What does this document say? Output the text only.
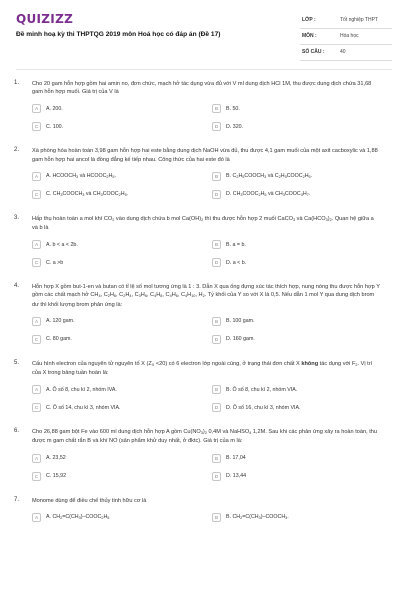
QUIZIZZ
Đề minh hoạ kỳ thi THPTQG 2019 môn Hoá học có đáp án (Đề 17)
LỚP :	Tốt nghiệp THPT
MÔN :	Hóa học
SỐ CÂU :	40
1. Cho 20 gam hỗn hợp gồm hai amin no, đơn chức, mạch hở tác dụng vừa đủ với V ml dung dịch HCl 1M, thu được dung dịch chứa 31,68 gam hỗn hợp muối. Giá trị của V là
A	A. 200.	B	B. 50.
C	C. 100.	D	D. 320.
2. Xà phòng hóa hoàn toàn 3,98 gam hỗn hợp hai este bằng dung dịch NaOH vừa đủ, thu được 4,1 gam muối của một axit cacboxylic và 1,88 gam hỗn hợp hai ancol là đồng đẳng kế tiếp nhau. Công thức của hai este đó là
A	A. $HCOOCH_3$ và $HCOOC_2H_5$.	B	B. $C_2H_5COOCH_3$ và $C_2H_5COOC_2H_5$.
C	C. $CH_3COOCH_3$ và $CH_3COOC_2H_5$.	D	D. $CH_3COOC_2H_5$ và $CH_3COOC_3H_7$.
3. Hấp thụ hoàn toàn a mol khí $CO_2$ vào dung dịch chứa b mol $Ca(OH)_2$ thì thu được hỗn hợp 2 muối CaCO$_3$ và $Ca(HCO_3)_2$. Quan hệ giữa a và b là
A	A. b < a < 2b.	B	B. a = b.
C	C. a >b	D	D. a < b.
4. Hỗn hợp X gồm but-1-en và butan có tỉ lệ số mol tương ứng là 1 : 3. Dẫn X qua ống đựng xúc tác thích hợp, nung nóng thu được hỗn hợp Y gồm các chất mạch hở $CH_4$, $C_2H_6$, $C_2H_4$, $C_3H_6$, $C_4H_8$, $C_4H_6$, $C_4H_{10}$, $H_2$. Tỷ khối của Y so với X là 0,5. Nếu dẫn 1 mol Y qua dung dịch brom dư thì khối lượng brom phản ứng là:
A	A. 120 gam.	B	B. 100 gam.
C	C. 80 gam.	D	D. 160 gam.
5. Cấu hình electron của nguyên tử nguyên tố X $(Z_X <20)$ có 6 electron lớp ngoài cùng, ở trạng thái đơn chất X không tác dụng với $F_2$. Vị trí của X trong bảng tuần hoàn là:
A	A. Ô số 8, chu kì 2, nhóm IVA.	B	B. Ô số 8, chu kì 2, nhóm VIA.
C	C. Ô số 14, chu kì 3, nhóm VIA.	D	D. Ô số 16, chu kì 3, nhóm VIA.
6. Cho 26,88 gam bột Fe vào 600 ml dung dịch hỗn hợp A gồm $Cu(NO_3)_2$ 0,4M và NaHSO$_4$ 1,2M. Sau khi các phản ứng xảy ra hoàn toàn, thu được m gam chất rắn B và khí NO (sản phẩm khử duy nhất, ở đktc). Giá trị của m là:
A	A. 23,52	B	B. 17,04
C	C. 15,92	D	D. 13,44
7. Monome dùng để điều chế thủy tinh hữu cơ là
A	A. $CH_2=C(CH_3)-COOC_2H_5$	B	B. $CH_2=C(CH_3)-COOCH_3$.
